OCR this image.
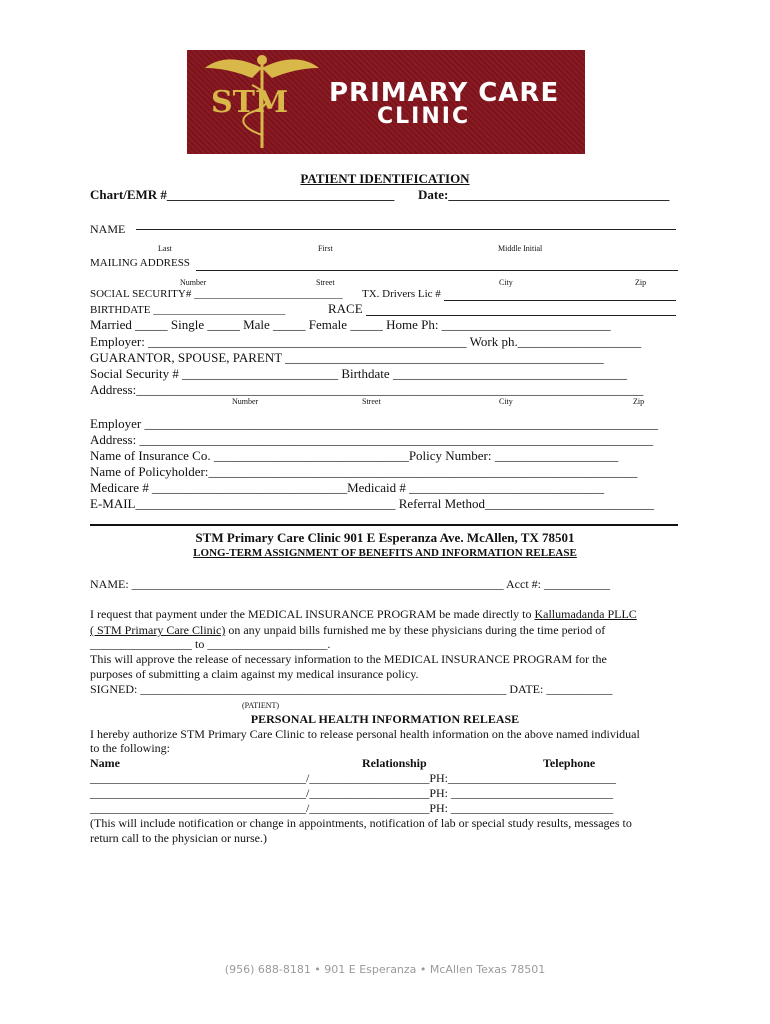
STM PRIMARY CARE
CLINIC
PATIENT IDENTIFICATION
Chart/EMR #___________________________________ Date:__________________________________
NAME
Last	First	Middle Initial
MAILING ADDRESS
Number	Street	City	Zip
SOCIAL SECURITY# ___________________________ TX. Drivers Lic #
BIRTHDATE ________________________	RACE
Married _____ Single _____ Male _____ Female _____ Home Ph: __________________________
Employer: _________________________________________________ Work ph.___________________
GUARANTOR, SPOUSE, PARENT _________________________________________________
Social Security # ________________________ Birthdate ____________________________________
Address:______________________________________________________________________________
Number	Street	City	Zip
Employer _______________________________________________________________________________
Address: _______________________________________________________________________________
Name of Insurance Co. ______________________________Policy Number: ___________________
Name of Policyholder:__________________________________________________________________
Medicare # ______________________________Medicaid # ______________________________
E-MAIL________________________________________ Referral Method__________________________
STM Primary Care Clinic 901 E Esperanza Ave. McAllen, TX 78501
LONG-TERM ASSIGNMENT OF BENEFITS AND INFORMATION RELEASE
NAME: ______________________________________________________________ Acct #: ___________
I request that payment under the MEDICAL INSURANCE PROGRAM be made directly to Kallumadanda PLLC
( STM Primary Care Clinic) on any unpaid bills furnished me by these physicians during the time period of
_________________ to ____________________.
This will approve the release of necessary information to the MEDICAL INSURANCE PROGRAM for the
purposes of submitting a claim against my medical insurance policy.
SIGNED: _____________________________________________________________ DATE: ___________
(PATIENT)
PERSONAL HEALTH INFORMATION RELEASE
I hereby authorize STM Primary Care Clinic to release personal health information on the above named individual
to the following:
Name	Relationship	Telephone
____________________________________/____________________PH:____________________________
____________________________________/____________________PH: ___________________________
____________________________________/____________________PH: ___________________________
(This will include notification or change in appointments, notification of lab or special study results, messages to
return call to the physician or nurse.)
(956) 688-8181 • 901 E Esperanza • McAllen Texas 78501
